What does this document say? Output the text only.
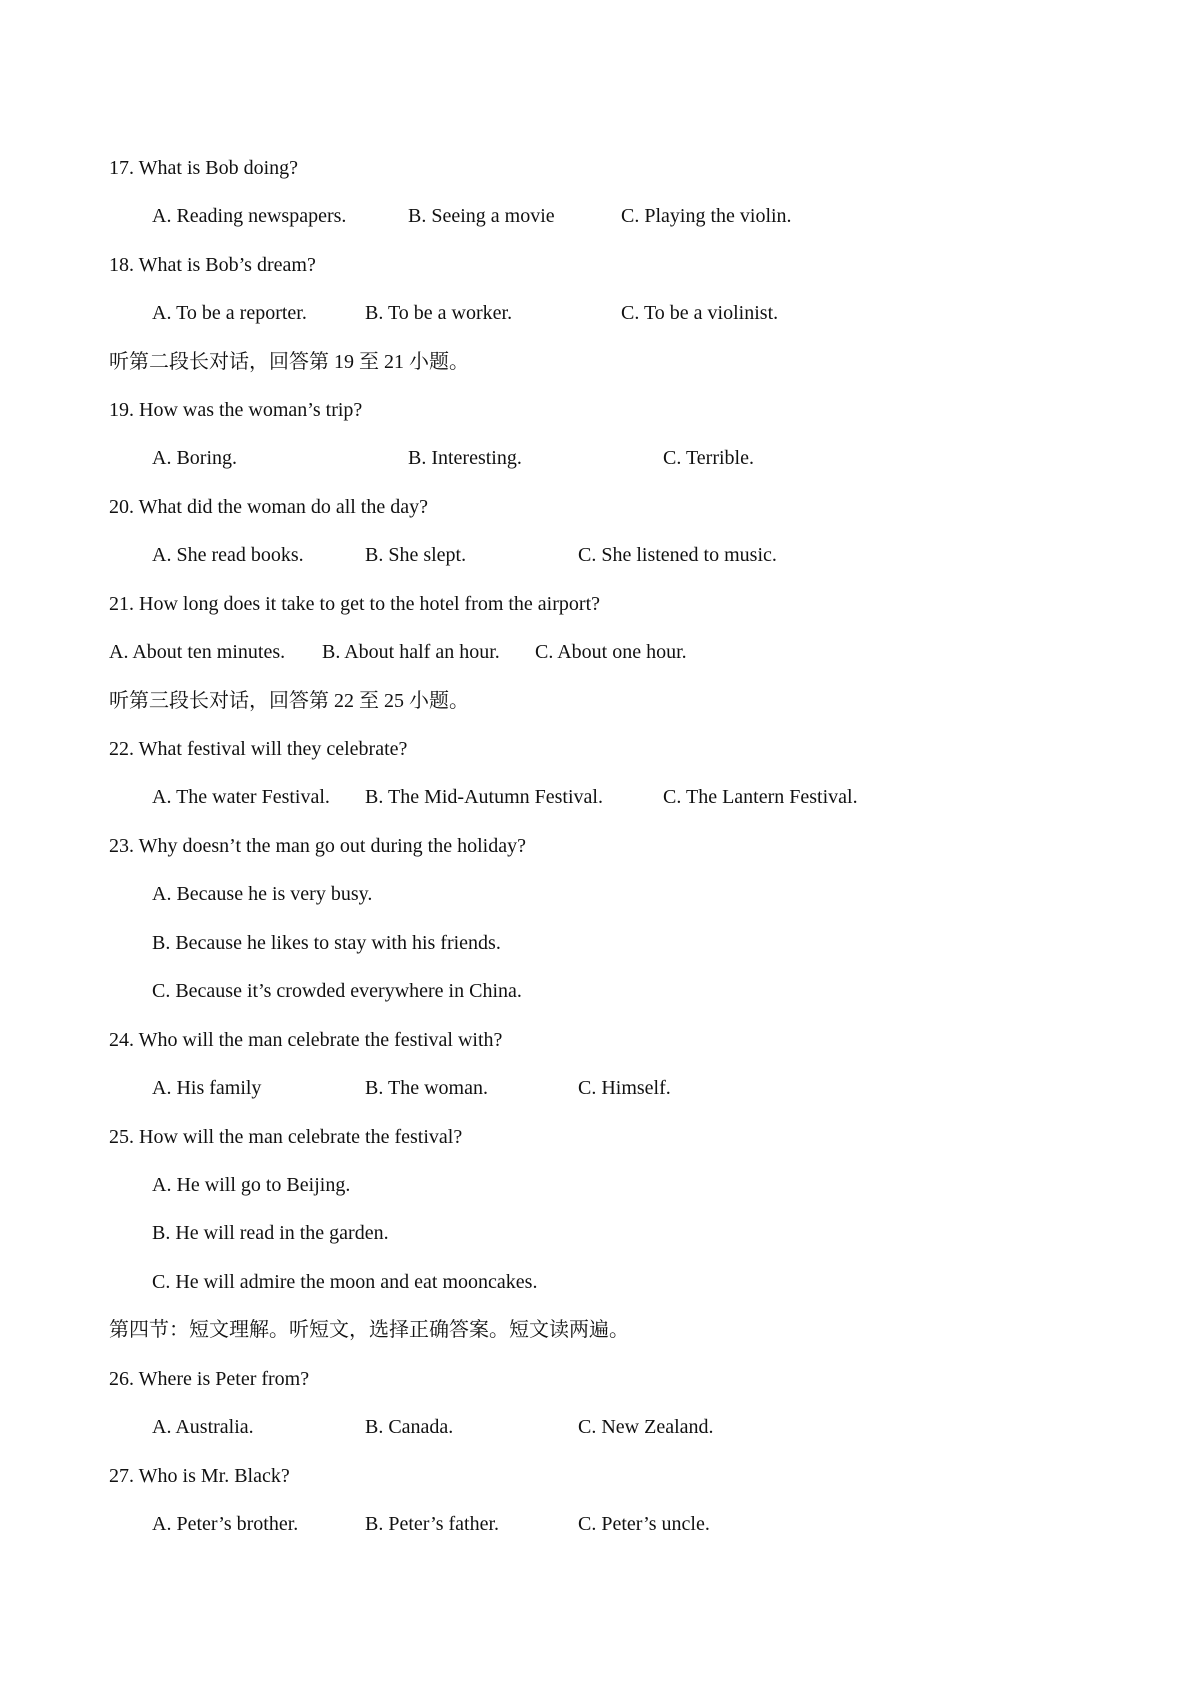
17. What is Bob doing?
A. Reading newspapers.	B. Seeing a movie	C. Playing the violin.
18. What is Bob’s dream?
A. To be a reporter.	B. To be a worker.	C. To be a violinist.
听第二段长对话，回答第 19 至 21 小题。
19. How was the woman’s trip?
A. Boring.	B. Interesting.	C. Terrible.
20. What did the woman do all the day?
A. She read books.	B. She slept.	C. She listened to music.
21. How long does it take to get to the hotel from the airport?
A. About ten minutes. B. About half an hour. C. About one hour.
听第三段长对话，回答第 22 至 25 小题。
22. What festival will they celebrate?
A. The water Festival. B. The Mid-Autumn Festival.	C. The Lantern Festival.
23. Why doesn’t the man go out during the holiday?
A. Because he is very busy.
B. Because he likes to stay with his friends.
C. Because it’s crowded everywhere in China.
24. Who will the man celebrate the festival with?
A. His family	B. The woman.	C. Himself.
25. How will the man celebrate the festival?
A. He will go to Beijing.
B. He will read in the garden.
C. He will admire the moon and eat mooncakes.
第四节：短文理解。听短文，选择正确答案。短文读两遍。
26. Where is Peter from?
A. Australia.	B. Canada.	C. New Zealand.
27. Who is Mr. Black?
A. Peter’s brother.	B. Peter’s father.	C. Peter’s uncle.
